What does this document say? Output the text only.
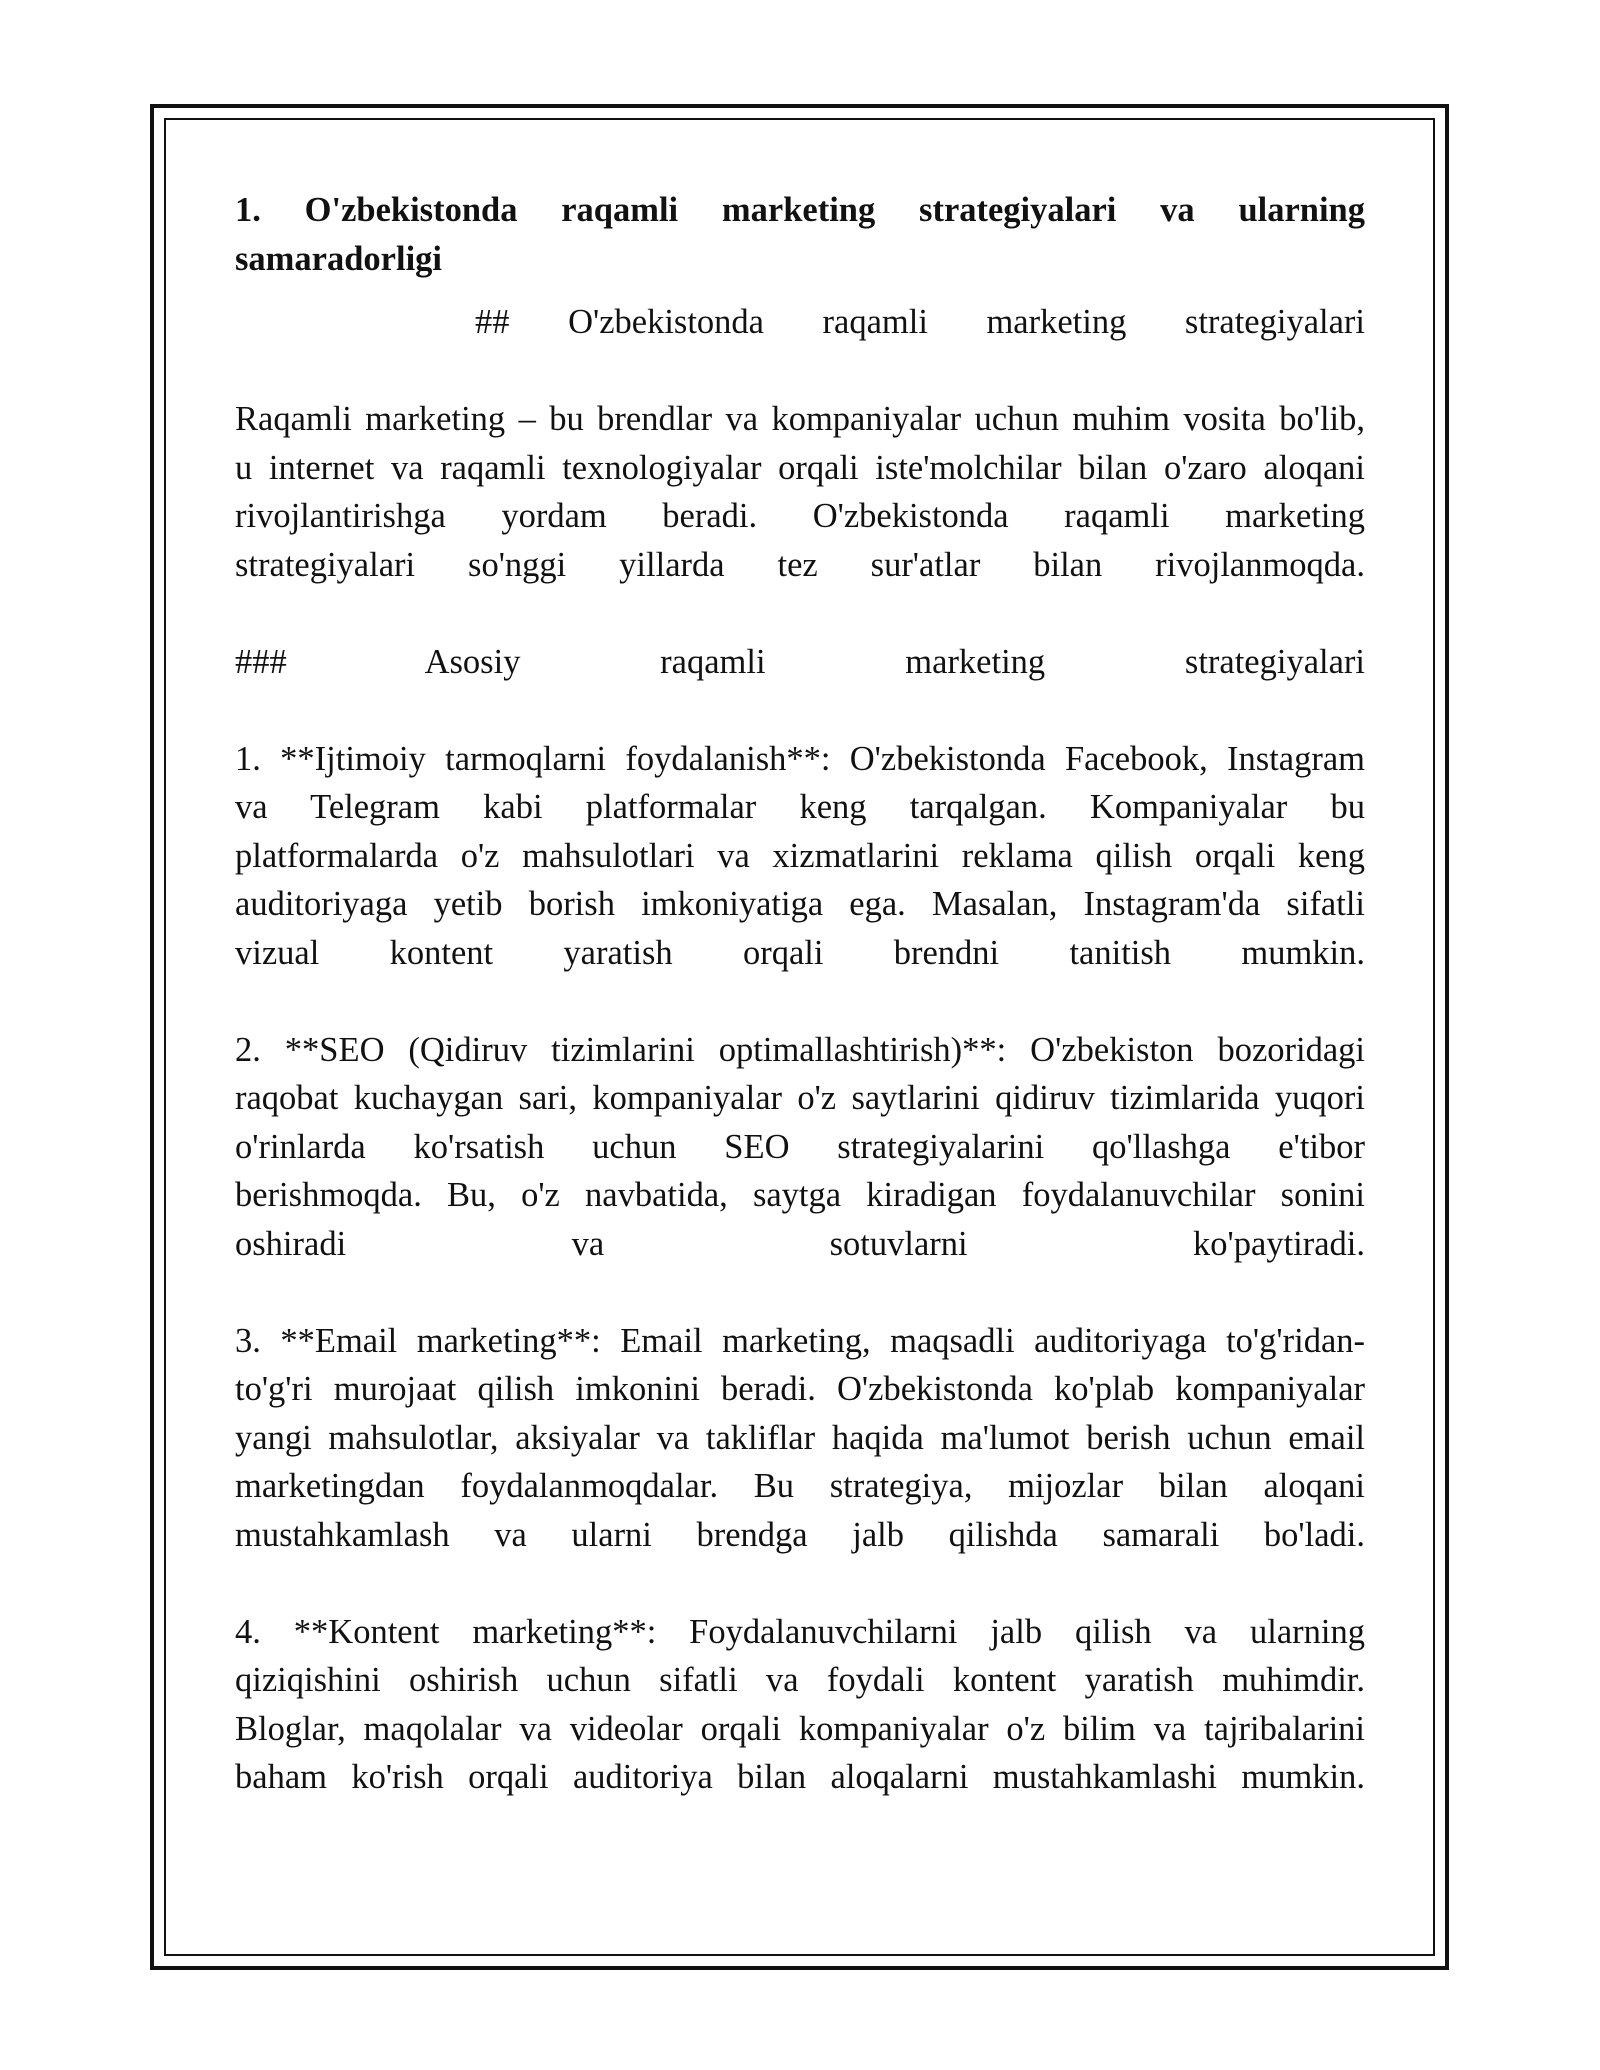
1. O'zbekistonda raqamli marketing strategiyalari va ularning
samaradorligi
## O'zbekistonda raqamli marketing strategiyalari
Raqamli marketing – bu brendlar va kompaniyalar uchun muhim vosita bo'lib,
u internet va raqamli texnologiyalar orqali iste'molchilar bilan o'zaro aloqani
rivojlantirishga yordam beradi. O'zbekistonda raqamli marketing
strategiyalari so'nggi yillarda tez sur'atlar bilan rivojlanmoqda.
### Asosiy raqamli marketing strategiyalari
1. **Ijtimoiy tarmoqlarni foydalanish**: O'zbekistonda Facebook, Instagram
va Telegram kabi platformalar keng tarqalgan. Kompaniyalar bu
platformalarda o'z mahsulotlari va xizmatlarini reklama qilish orqali keng
auditoriyaga yetib borish imkoniyatiga ega. Masalan, Instagram'da sifatli
vizual kontent yaratish orqali brendni tanitish mumkin.
2. **SEO (Qidiruv tizimlarini optimallashtirish)**: O'zbekiston bozoridagi
raqobat kuchaygan sari, kompaniyalar o'z saytlarini qidiruv tizimlarida yuqori
o'rinlarda ko'rsatish uchun SEO strategiyalarini qo'llashga e'tibor
berishmoqda. Bu, o'z navbatida, saytga kiradigan foydalanuvchilar sonini
oshiradi va sotuvlarni ko'paytiradi.
3. **Email marketing**: Email marketing, maqsadli auditoriyaga to'g'ridan-
to'g'ri murojaat qilish imkonini beradi. O'zbekistonda ko'plab kompaniyalar
yangi mahsulotlar, aksiyalar va takliflar haqida ma'lumot berish uchun email
marketingdan foydalanmoqdalar. Bu strategiya, mijozlar bilan aloqani
mustahkamlash va ularni brendga jalb qilishda samarali bo'ladi.
4. **Kontent marketing**: Foydalanuvchilarni jalb qilish va ularning
qiziqishini oshirish uchun sifatli va foydali kontent yaratish muhimdir.
Bloglar, maqolalar va videolar orqali kompaniyalar o'z bilim va tajribalarini
baham ko'rish orqali auditoriya bilan aloqalarni mustahkamlashi mumkin.
